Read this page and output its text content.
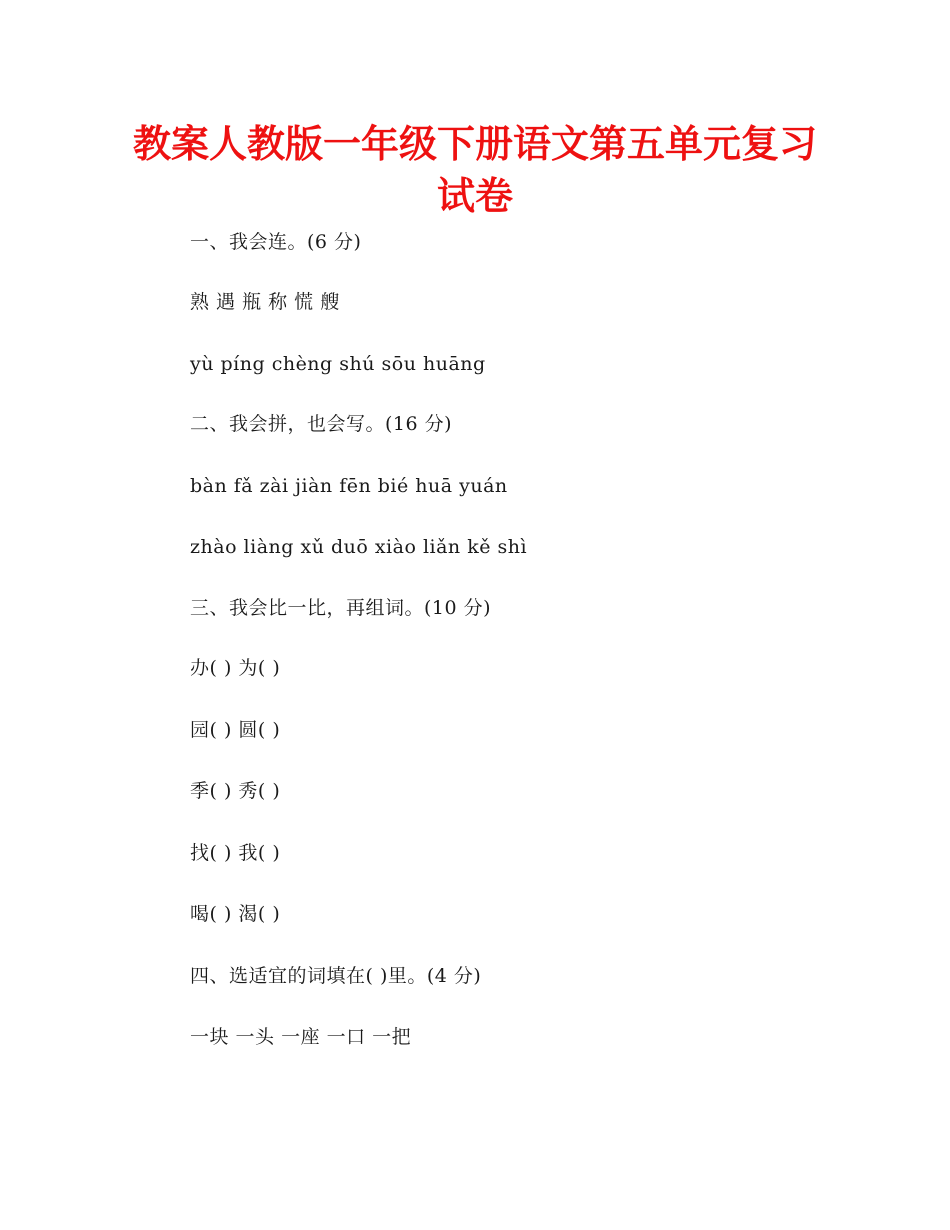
教案人教版一年级下册语文第五单元复习
试卷

一、我会连。(6 分)

熟 遇 瓶 称 慌 艘

yù píng chèng shú sōu huāng

二、我会拼，也会写。(16 分)

bàn fǎ zài jiàn fēn bié huā yuán

zhào liàng xǔ duō xiào liǎn kě shì

三、我会比一比，再组词。(10 分)

办( ) 为( )

园( ) 圆( )

季( ) 秀( )

找( ) 我( )

喝( ) 渴( )

四、选适宜的词填在( )里。(4 分)

一块 一头 一座 一口 一把
